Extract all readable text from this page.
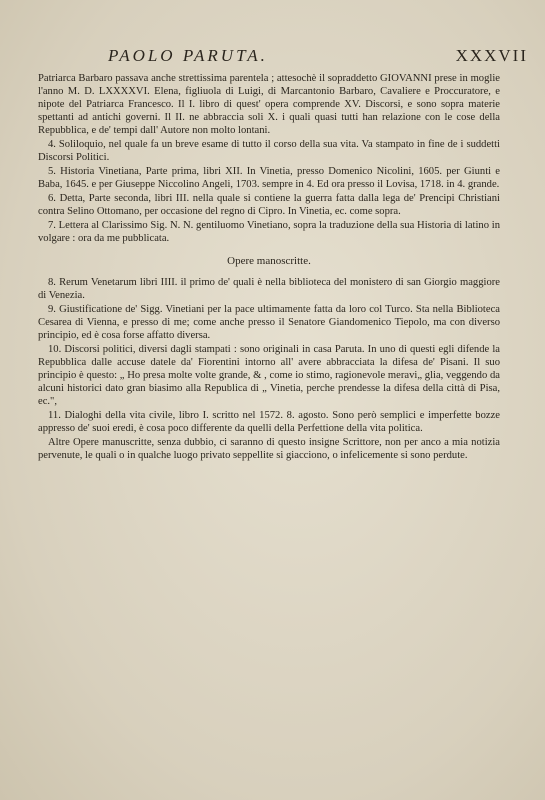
PAOLO PARUTA.	XXXVII

Patriarca Barbaro passava anche strettissima parentela ; attesochè il sopraddetto GIOVANNI prese in moglie l'anno M. D. LXXXXVI. Elena, figliuola di Luigi, di Marcantonio Barbaro, Cavaliere e Proccuratore, e nipote del Patriarca Francesco. Il I. libro di quest' opera comprende XV. Discorsi, e sono sopra materie spettanti ad antichi governi. Il II. ne abbraccia soli X. i quali quasi tutti han relazione con le cose della Repubblica, e de' tempi dall' Autore non molto lontani.

4. Soliloquio, nel quale fa un breve esame di tutto il corso della sua vita. Va stampato in fine de i suddetti Discorsi Politici.

5. Historia Vinetiana, Parte prima, libri XII. In Vinetia, presso Domenico Nicolini, 1605. per Giunti e Baba, 1645. e per Giuseppe Niccolino Angeli, 1703. sempre in 4. Ed ora presso il Lovisa, 1718. in 4. grande.

6. Detta, Parte seconda, libri III. nella quale si contiene la guerra fatta dalla lega de' Prencipi Christiani contra Selino Ottomano, per occasione del regno di Cipro. In Vinetia, ec. come sopra.

7. Lettera al Clarissimo Sig. N. N. gentiluomo Vinetiano, sopra la traduzione della sua Historia di latino in volgare : ora da me pubblicata.

Opere manoscritte.

8. Rerum Venetarum libri IIII. il primo de' quali è nella biblioteca del monistero di san Giorgio maggiore di Venezia.

9. Giustificatione de' Sigg. Vinetiani per la pace ultimamente fatta da loro col Turco. Sta nella Biblioteca Cesarea di Vienna, e presso di me; come anche presso il Senatore Giandomenico Tiepolo, ma con diverso principio, ed è cosa forse affatto diversa.

10. Discorsi politici, diversi dagli stampati : sono originali in casa Paruta. In uno di questi egli difende la Repubblica dalle accuse datele da' Fiorentini intorno all' avere abbracciata la difesa de' Pisani. Il suo principio è questo: „ Ho presa molte volte grande, & , come io stimo, ragionevole meravi„ glia, veggendo da alcuni historici dato gran biasimo alla Republica di „ Vinetia, perche prendesse la difesa della città di Pisa, ec.",

11. Dialoghi della vita civile, libro I. scritto nel 1572. 8. agosto. Sono però semplici e imperfette bozze appresso de' suoi eredi, è cosa poco differente da quelli della Perfettione della vita politica.

Altre Opere manuscritte, senza dubbio, ci saranno di questo insigne Scrittore, non per anco a mia notizia pervenute, le quali o in qualche luogo privato seppellite si giacciono, o infelicemente si sono perdute.
